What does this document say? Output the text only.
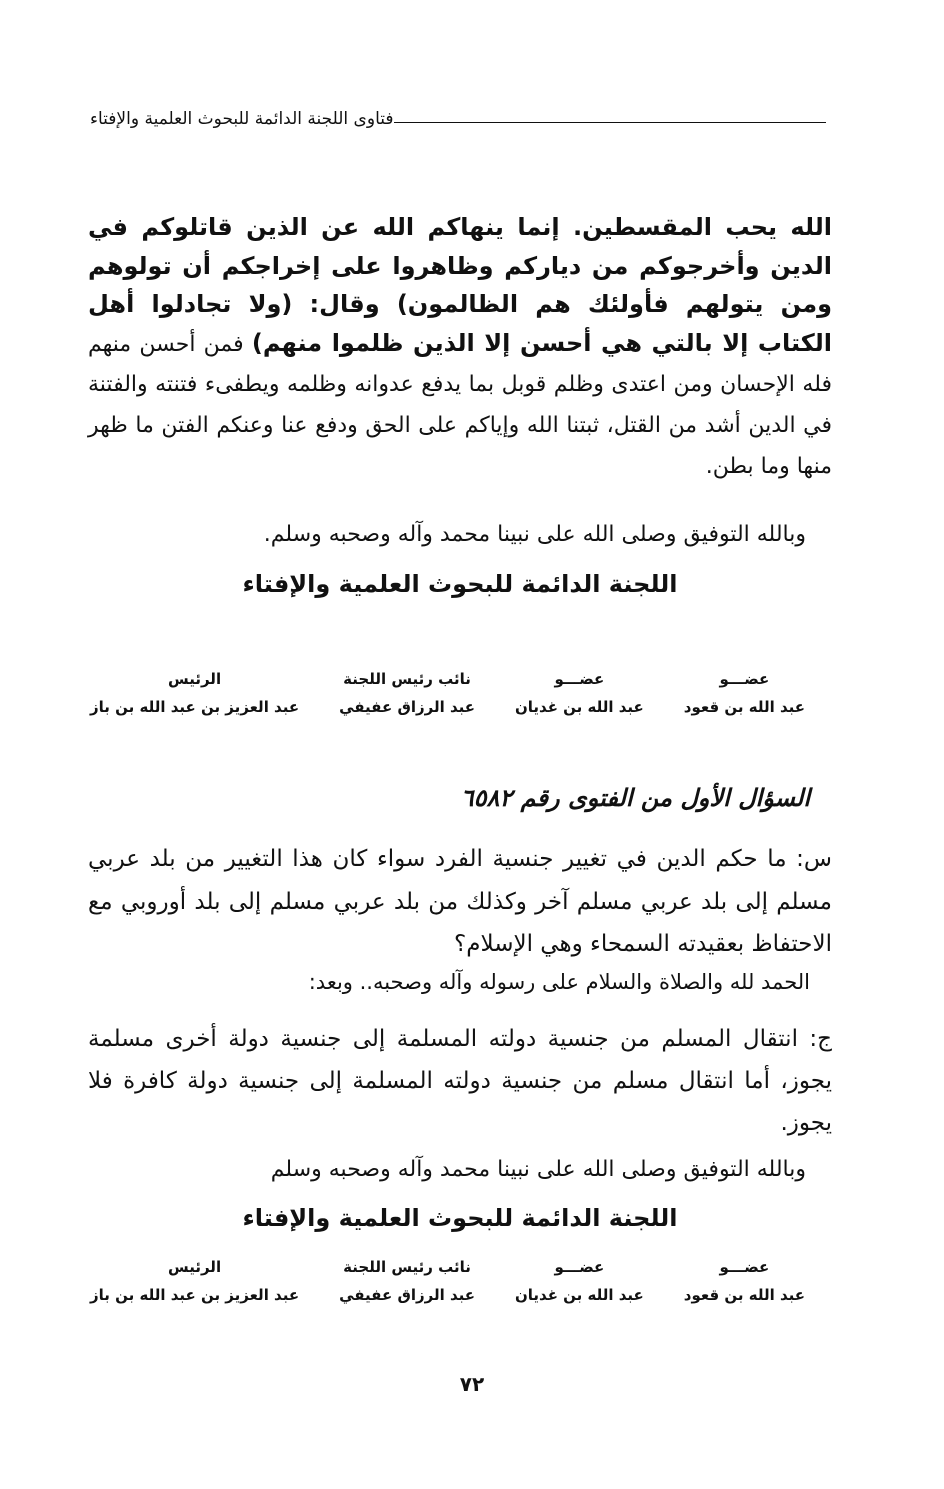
فتاوى اللجنة الدائمة للبحوث العلمية والإفتاء
الله يحب المقسطين. إنما ينهاكم الله عن الذين قاتلوكم في الدين وأخرجوكم من دياركم وظاهروا على إخراجكم أن تولوهم ومن يتولهم فأولئك هم الظالمون) وقال: (ولا تجادلوا أهل الكتاب إلا بالتي هي أحسن إلا الذين ظلموا منهم) فمن أحسن منهم فله الإحسان ومن اعتدى وظلم قوبل بما يدفع عدوانه وظلمه ويطفىء فتنته والفتنة في الدين أشد من القتل، ثبتنا الله وإياكم على الحق ودفع عنا وعنكم الفتن ما ظهر منها وما بطن.
وبالله التوفيق وصلى الله على نبينا محمد وآله وصحبه وسلم.
اللجنة الدائمة للبحوث العلمية والإفتاء
عضـــو
عبد الله بن قعود
عضـــو
عبد الله بن غديان
نائب رئيس اللجنة
عبد الرزاق عفيفي
الرئيس
عبد العزيز بن عبد الله بن باز
السؤال الأول من الفتوى رقم ٦٥٨٢
س: ما حكم الدين في تغيير جنسية الفرد سواء كان هذا التغيير من بلد عربي مسلم إلى بلد عربي مسلم آخر وكذلك من بلد عربي مسلم إلى بلد أوروبي مع الاحتفاظ بعقيدته السمحاء وهي الإسلام؟
الحمد لله والصلاة والسلام على رسوله وآله وصحبه.. وبعد:
ج: انتقال المسلم من جنسية دولته المسلمة إلى جنسية دولة أخرى مسلمة يجوز، أما انتقال مسلم من جنسية دولته المسلمة إلى جنسية دولة كافرة فلا يجوز.
وبالله التوفيق وصلى الله على نبينا محمد وآله وصحبه وسلم
اللجنة الدائمة للبحوث العلمية والإفتاء
عضـــو
عبد الله بن قعود
عضـــو
عبد الله بن غديان
نائب رئيس اللجنة
عبد الرزاق عفيفي
الرئيس
عبد العزيز بن عبد الله بن باز
٧٢
